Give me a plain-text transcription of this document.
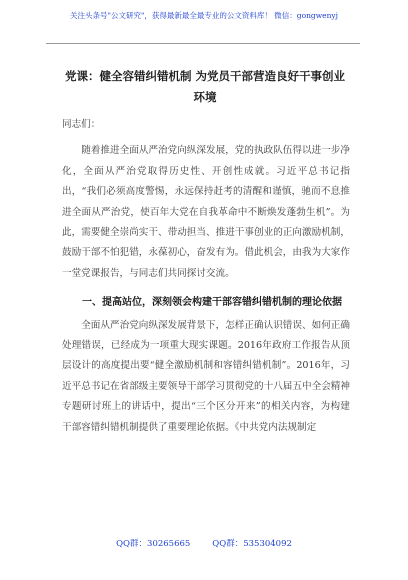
关注头条号"公文研究"，获得最新最全最专业的公文资料库！ 微信：gongwenyj
党课：健全容错纠错机制 为党员干部营造良好干事创业环境

同志们：

随着推进全面从严治党向纵深发展，党的执政队伍得以进一步净化，全面从严治党取得历史性、开创性成就。习近平总书记指出，“我们必须高度警惕，永远保持赶考的清醒和谨慎，驰而不息推进全面从严治党，使百年大党在自我革命中不断焕发蓬勃生机”。为此，需要健全崇尚实干、带动担当、推进干事创业的正向激励机制，鼓励干部不怕犯错，永葆初心，奋发有为。借此机会，由我为大家作一堂党课报告，与同志们共同探讨交流。

一、提高站位，深刻领会构建干部容错纠错机制的理论依据

全面从严治党向纵深发展背景下，怎样正确认识错误、如何正确处理错误，已经成为一项重大现实课题。2016年政府工作报告从顶层设计的高度提出要“健全激励机制和容错纠错机制”。2016年，习近平总书记在省部级主要领导干部学习贯彻党的十八届五中全会精神专题研讨班上的讲话中，提出“三个区分开来”的相关内容，为构建干部容错纠错机制提供了重要理论依据。《中共党内法规制定

QQ群：30265665	QQ群：535304092
